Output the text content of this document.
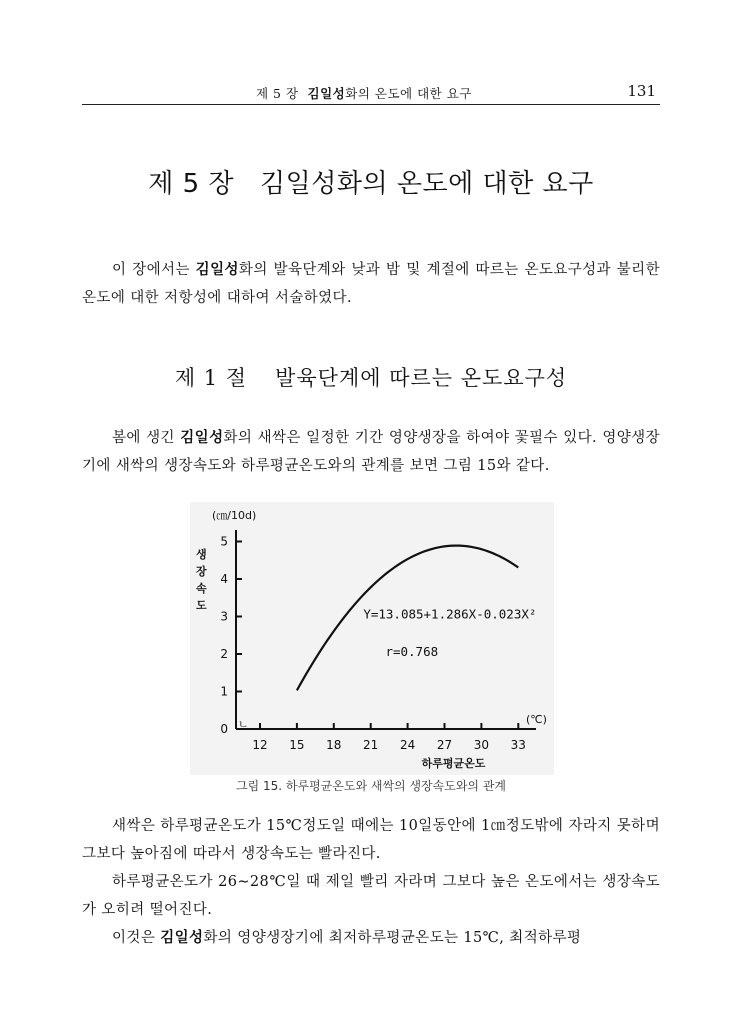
제 5 장 김일성화의 온도에 대한 요구	131
제 5 장 김일성화의 온도에 대한 요구
이 장에서는 김일성화의 발육단계와 낮과 밤 및 계절에 따르는 온도요구성과 불리한 온도에 대한 저항성에 대하여 서술하였다.
제 1 절 발육단계에 따르는 온도요구성
봄에 생긴 김일성화의 새싹은 일정한 기간 영양생장을 하여야 꽃필수 있다. 영양생장기에 새싹의 생장속도와 하루평균온도와의 관계를 보면 그림 15와 같다.
(㎝/10d)
생
장
속
도
ㄴ
0
1
2
3
4
5
12 15 18 21 24 27 30 33
(℃)
하루평균온도
Y=13.085+1.286X-0.023X²
r=0.768
그림 15. 하루평균온도와 새싹의 생장속도와의 관계
새싹은 하루평균온도가 15℃정도일 때에는 10일동안에 1㎝정도밖에 자라지 못하며 그보다 높아짐에 따라서 생장속도는 빨라진다.
하루평균온도가 26∼28℃일 때 제일 빨리 자라며 그보다 높은 온도에서는 생장속도가 오히려 떨어진다.
이것은 김일성화의 영양생장기에 최저하루평균온도는 15℃, 최적하루평
